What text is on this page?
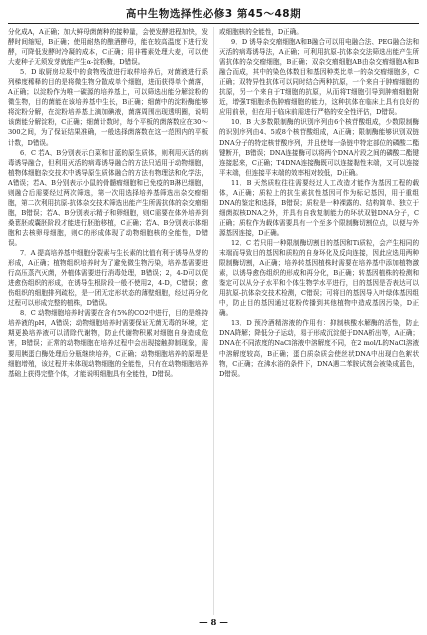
高中生物选择性必修3 第45～48期

分化成A，A正确；加大鲜母菌菌种的接种量，会使发酵进程加快，发酵时间缩短，B正确；使用耐热的酿酒酵母，能在较高温度下进行发酵，可降低发酵时冷凝的成本，C正确；用非霉素处理大麦，可以使大麦种子无须发芽就能产生α-淀粉酶，D错误。

5．D 取厨房垃圾中的食物残渣进行取样培养后，对菌液进行系列梯度稀释的目的是将微生物分散成单个细胞，进而获得单个菌落，A正确；以淀粉作为唯一碳源的培养基上，可以筛选出能分解淀粉的微生物，目的菌能在该培养基中生长，B正确；细菌中的淀粉酶能够将淀粉分解，在淀粉培养基上滴加碘液，菌落周围出现透明圈，说明该菌能分解淀粉，C正确；细菌计数时，每个平板的菌落数应在30～300之间，为了保证结果准确，一般选择菌落数在这一范围内的平板计数，D错误。

6．C 若A、B分别表示白菜和甘蓝的原生质体，则利用灭活的病毒诱导融合，但利用灭活的病毒诱导融合的方法只适用于动物细胞，植物体细胞杂交技术中诱导原生质体融合的方法有物理法和化学法，A错误；若A、B分别表示小鼠的骨髓瘤细胞和已免疫的B淋巴细胞，则融合后需要经过两次筛选，第一次用选择培养基筛选出杂交瘤细胞，第二次利用抗原-抗体杂交技术筛选出能产生所需抗体的杂交瘤细胞，B错误；若A、B分别表示精子和卵细胞，则C需要在体外培养到桑葚胚或囊胚阶段才能进行胚胎移植，C正确；若A、B分别表示体细胞和去核卵母细胞，则C的形成体现了动物细胞核的全能性，D错误。

7．A 提高培养基中细胞分裂素与生长素的比值有利于诱导丛芽的形成，A正确；植物组织培养时为了避免微生物污染，培养基需要进行高压蒸汽灭菌，外植体需要进行消毒处理，B错误；2，4-D可以促进愈伤组织的形成，在诱导生根阶段一般不使用2，4-D，C错误；愈伤组织的细胞排列疏松，是一团无定形状态的薄壁细胞，经过再分化过程可以形成完整的植株，D错误。

8．C 动物细胞培养时需要在含有5%的CO2中进行，目的是维持培养液的pH，A错误；动物细胞培养时需要保证无菌无毒的环境，定期更换培养液可以清除代谢物，防止代谢物积累对细胞自身造成危害，B错误；正常的动物细胞在培养过程中会出现接触抑制现象，需要用胰蛋白酶处理后分瓶继续培养，C正确；动物细胞培养的原理是细胞增殖，该过程并未体现动物细胞的全能性，只有在动物细胞培养基础上获得完整个体，才能说明细胞具有全能性，D错误。

或细胞核的全能性，D正确。

9．D 诱导杂交瘤细胞A和B融合可以用电融合法、PEG融合法和灭活的病毒诱导法，A正确；可利用抗原-抗体杂交法筛选出能产生所需抗体的杂交瘤细胞，B正确；双杂交瘤细胞AB由杂交瘤细胞A和B融合而成，其中的染色体数目和基因种类比单一的杂交瘤细胞多，C正确；双特异性抗体可以同时结合两种抗原，一个来自于肿瘤细胞的抗原，另一个来自于T细胞的抗原，从而将T细胞引导到肿瘤细胞附近，增强T细胞杀伤肿瘤细胞的能力，这种抗体在临床上具有良好的应用前景，但在用于临床前需进行严格的安全性评估，D错误。

10．B 大多数限制酶的识别序列由6个核苷酸组成，少数限制酶的识别序列由4、5或8个核苷酸组成，A正确；限制酶能够识别双链DNA分子的特定核苷酸序列，并且使每一条链中特定部位的磷酸二酯键断开，B错误；DNA连接酶可以将两个DNA片段之间的磷酸二酯键连接起来，C正确；T4DNA连接酶既可以连接黏性末端，又可以连接平末端，但连接平末端的效率相对较低，D正确。

11．B 天然质粒往往需要经过人工改造才能作为基因工程的载体，A正确；质粒上的抗生素抗性基因可作为标记基因，用于重组DNA的鉴定和选择，B错误；质粒是一种裸露的、结构简单、独立于细菌拟核DNA之外，并具有自我复制能力的环状双链DNA分子，C正确；质粒作为载体需要具有一个至多个限制酶切割位点，以便与外源基因连接，D正确。

12．C 若只用一种限制酶切割目的基因和Ti质粒，会产生相同的末端而导致目的基因和质粒的自身环化及反向连接，因此应选用两种限制酶切割，A正确；培养转基因植株时需要在培养基中添加植物激素，以诱导愈伤组织的形成和再分化，B正确；转基因植株的检测和鉴定可以从分子水平和个体生物学水平进行，目的基因是否表达可以用抗原-抗体杂交技术检测，C错误；可将目的基因导入叶绿体基因组中，防止目的基因通过花粉传播到其他植物中造成基因污染，D正确。

13．D 预冷酒精溶液的作用有：抑制核酸水解酶的活性，防止DNA降解；降低分子运动，易于形成沉淀便于DNA析出等，A正确；DNA在不同浓度的NaCl溶液中溶解度不同，在2 mol/L的NaCl溶液中溶解度较高，B正确；蛋白质杂质会使丝状DNA中出现白色絮状物，C正确；在沸水浴的条件下，DNA遇二苯胺试剂会被染成蓝色，D错误。

— 8 —
